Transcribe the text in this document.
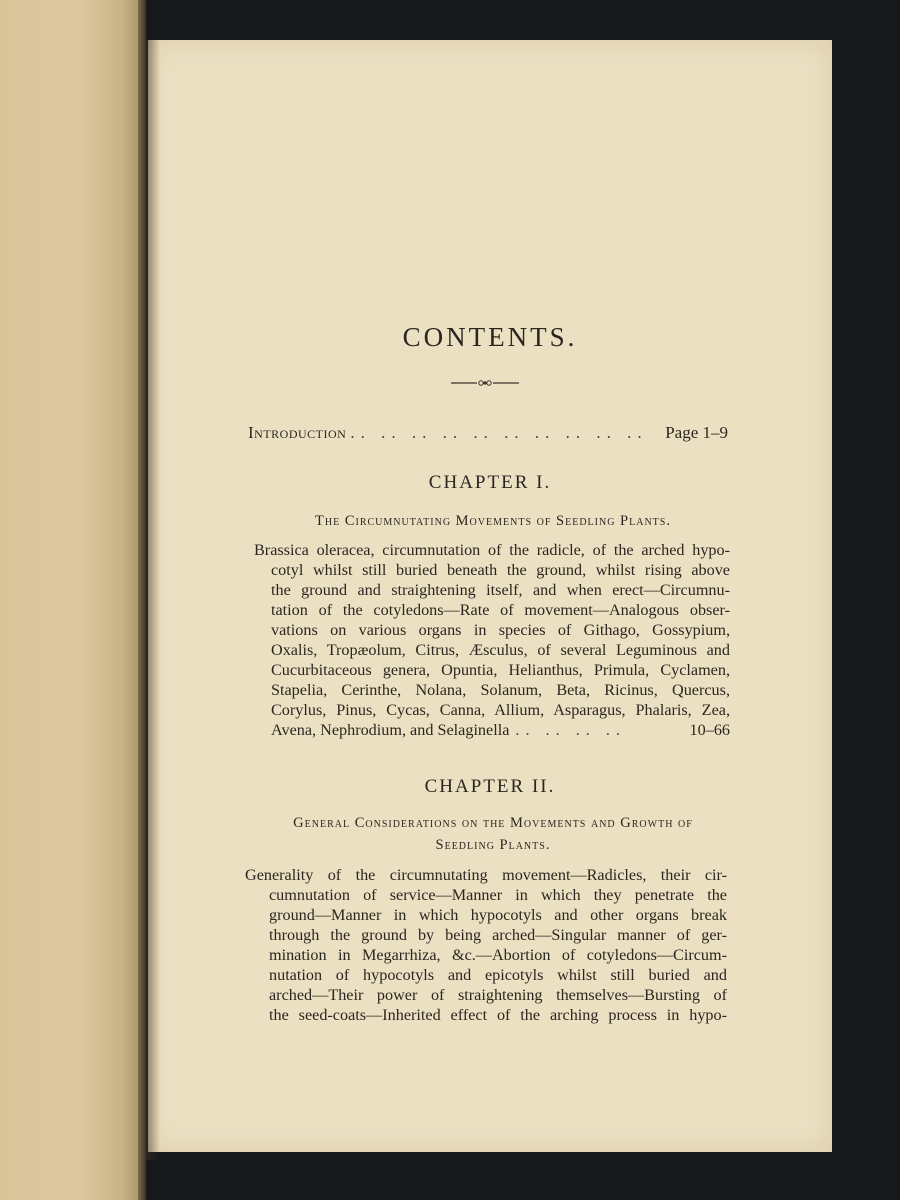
CONTENTS.
Introduction .. .. .. .. .. .. .. .. .. ..	Page 1–9
CHAPTER I.
The Circumnutating Movements of Seedling Plants.
Brassica oleracea, circumnutation of the radicle, of the arched hypo-
cotyl whilst still buried beneath the ground, whilst rising above
the ground and straightening itself, and when erect—Circumnu-
tation of the cotyledons—Rate of movement—Analogous obser-
vations on various organs in species of Githago, Gossypium,
Oxalis, Tropæolum, Citrus, Æsculus, of several Leguminous and
Cucurbitaceous genera, Opuntia, Helianthus, Primula, Cyclamen,
Stapelia, Cerinthe, Nolana, Solanum, Beta, Ricinus, Quercus,
Corylus, Pinus, Cycas, Canna, Allium, Asparagus, Phalaris, Zea,
Avena, Nephrodium, and Selaginella .. .. .. ..	10–66
CHAPTER II.
General Considerations on the Movements and Growth of
Seedling Plants.
Generality of the circumnutating movement—Radicles, their cir-
cumnutation of service—Manner in which they penetrate the
ground—Manner in which hypocotyls and other organs break
through the ground by being arched—Singular manner of ger-
mination in Megarrhiza, &c.—Abortion of cotyledons—Circum-
nutation of hypocotyls and epicotyls whilst still buried and
arched—Their power of straightening themselves—Bursting of
the seed-coats—Inherited effect of the arching process in hypo-
